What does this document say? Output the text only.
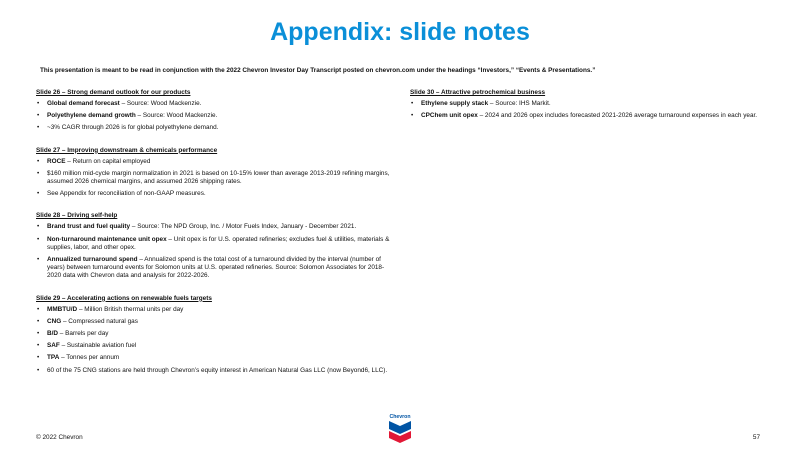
Appendix: slide notes
This presentation is meant to be read in conjunction with the 2022 Chevron Investor Day Transcript posted on chevron.com under the headings “Investors,” “Events & Presentations.”
Slide 26 – Strong demand outlook for our products
• Global demand forecast – Source: Wood Mackenzie.
• Polyethylene demand growth – Source: Wood Mackenzie.
• ~3% CAGR through 2026 is for global polyethylene demand.
Slide 27 – Improving downstream & chemicals performance
• ROCE – Return on capital employed
• $160 million mid-cycle margin normalization in 2021 is based on 10-15% lower than average 2013-2019 refining margins, assumed 2026 chemical margins, and assumed 2026 shipping rates.
• See Appendix for reconciliation of non-GAAP measures.
Slide 28 – Driving self-help
• Brand trust and fuel quality – Source: The NPD Group, Inc. / Motor Fuels Index, January - December 2021.
• Non-turnaround maintenance unit opex – Unit opex is for U.S. operated refineries; excludes fuel & utilities, materials & supplies, labor, and other opex.
• Annualized turnaround spend – Annualized spend is the total cost of a turnaround divided by the interval (number of years) between turnaround events for Solomon units at U.S. operated refineries. Source: Solomon Associates for 2018-2020 data with Chevron data and analysis for 2022-2026.
Slide 29 – Accelerating actions on renewable fuels targets
• MMBTU/D – Million British thermal units per day
• CNG – Compressed natural gas
• B/D – Barrels per day
• SAF – Sustainable aviation fuel
• TPA – Tonnes per annum
• 60 of the 75 CNG stations are held through Chevron’s equity interest in American Natural Gas LLC (now Beyond6, LLC).
Slide 30 – Attractive petrochemical business
• Ethylene supply stack – Source: IHS Markit.
• CPChem unit opex – 2024 and 2026 opex includes forecasted 2021-2026 average turnaround expenses in each year.
Chevron
© 2022 Chevron	57
